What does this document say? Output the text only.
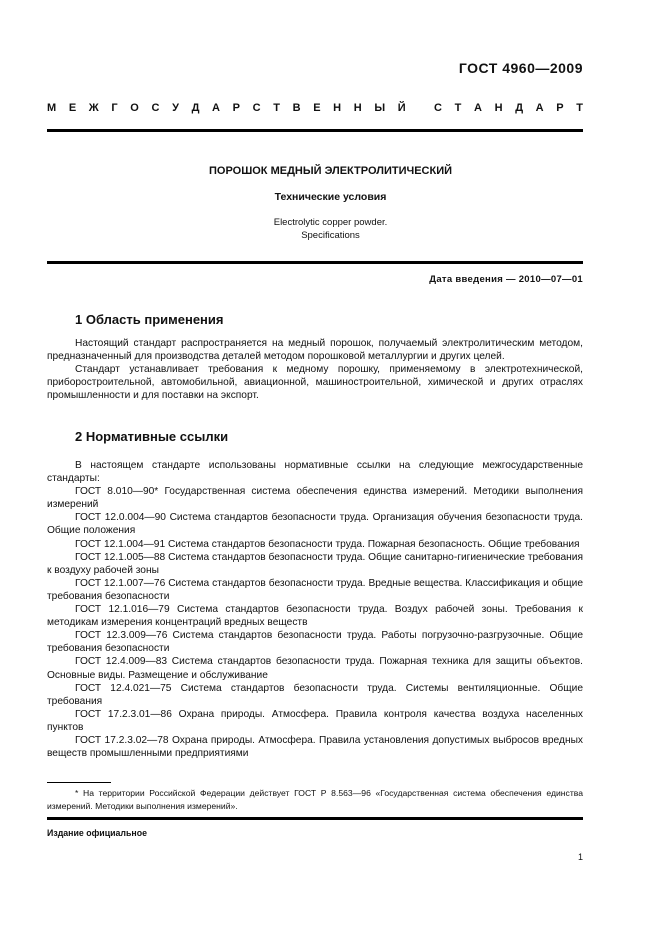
ГОСТ 4960—2009
М Е Ж Г О С У Д А Р С Т В Е Н Н Ы Й
	С Т А Н Д А Р Т
ПОРОШОК МЕДНЫЙ ЭЛЕКТРОЛИТИЧЕСКИЙ
Технические условия
Electrolytic copper powder.
Specifications
Дата введения — 2010—07—01
1 Область применения

Настоящий стандарт распространяется на медный порошок, получаемый электролитическим методом, предназначенный для производства деталей методом порошковой металлургии и других целей.

Стандарт устанавливает требования к медному порошку, применяемому в электротехнической, приборостроительной, автомобильной, авиационной, машиностроительной, химической и других отраслях промышленности и для поставки на экспорт.

2 Нормативные ссылки

В настоящем стандарте использованы нормативные ссылки на следующие межгосударственные стандарты:

ГОСТ 8.010—90* Государственная система обеспечения единства измерений. Методики выполнения измерений

ГОСТ 12.0.004—90 Система стандартов безопасности труда. Организация обучения безопасности труда. Общие положения

ГОСТ 12.1.004—91 Система стандартов безопасности труда. Пожарная безопасность. Общие требования

ГОСТ 12.1.005—88 Система стандартов безопасности труда. Общие санитарно-гигиенические требования к воздуху рабочей зоны

ГОСТ 12.1.007—76 Система стандартов безопасности труда. Вредные вещества. Классификация и общие требования безопасности

ГОСТ 12.1.016—79 Система стандартов безопасности труда. Воздух рабочей зоны. Требования к методикам измерения концентраций вредных веществ

ГОСТ 12.3.009—76 Система стандартов безопасности труда. Работы погрузочно-разгрузочные. Общие требования безопасности

ГОСТ 12.4.009—83 Система стандартов безопасности труда. Пожарная техника для защиты объектов. Основные виды. Размещение и обслуживание

ГОСТ 12.4.021—75 Система стандартов безопасности труда. Системы вентиляционные. Общие требования

ГОСТ 17.2.3.01—86 Охрана природы. Атмосфера. Правила контроля качества воздуха населенных пунктов

ГОСТ 17.2.3.02—78 Охрана природы. Атмосфера. Правила установления допустимых выбросов вредных веществ промышленными предприятиями

* На территории Российской Федерации действует ГОСТ Р 8.563—96 «Государственная система обеспечения единства измерений. Методики выполнения измерений».

Издание официальное
1
